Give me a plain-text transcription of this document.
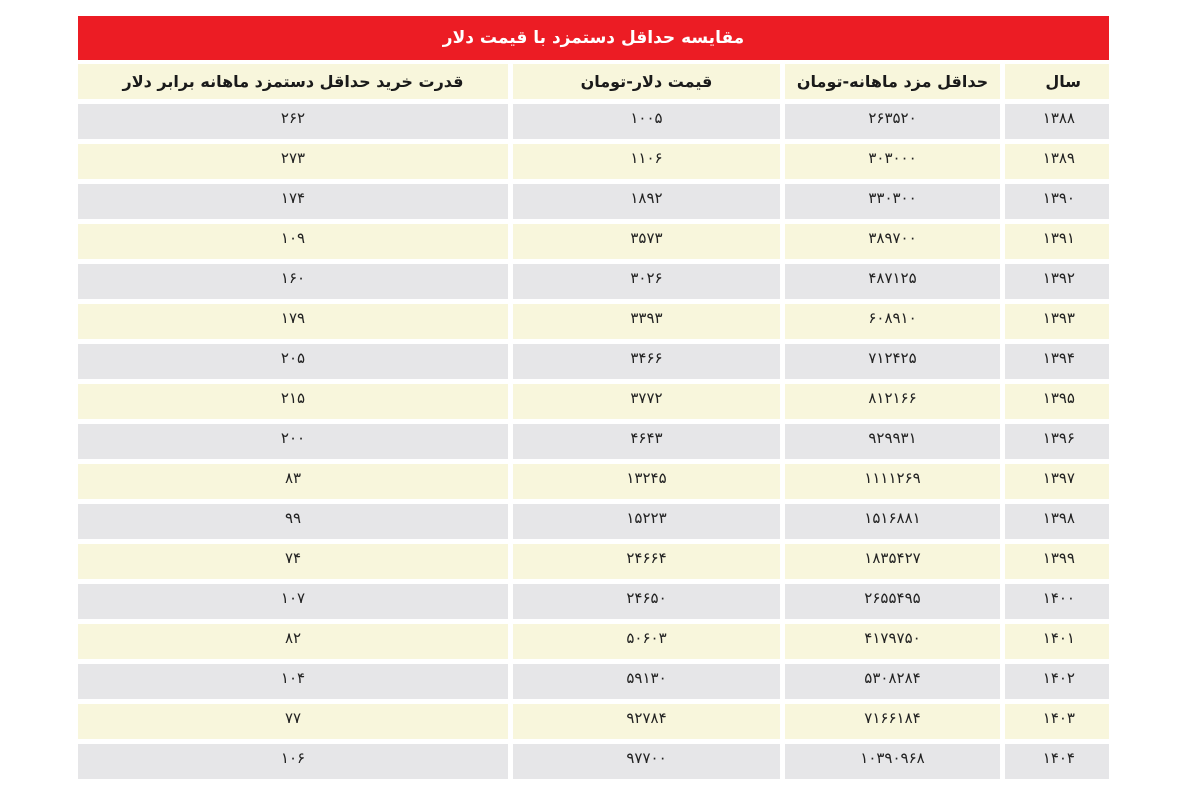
مقایسه حداقل دستمزد با قیمت دلار
سال	حداقل مزد ماهانه-تومان	قیمت دلار-تومان	قدرت خرید حداقل دستمزد ماهانه برابر دلار
۱۳۸۸	۲۶۳۵۲۰	۱۰۰۵	۲۶۲
۱۳۸۹	۳۰۳۰۰۰	۱۱۰۶	۲۷۳
۱۳۹۰	۳۳۰۳۰۰	۱۸۹۲	۱۷۴
۱۳۹۱	۳۸۹۷۰۰	۳۵۷۳	۱۰۹
۱۳۹۲	۴۸۷۱۲۵	۳۰۲۶	۱۶۰
۱۳۹۳	۶۰۸۹۱۰	۳۳۹۳	۱۷۹
۱۳۹۴	۷۱۲۴۲۵	۳۴۶۶	۲۰۵
۱۳۹۵	۸۱۲۱۶۶	۳۷۷۲	۲۱۵
۱۳۹۶	۹۲۹۹۳۱	۴۶۴۳	۲۰۰
۱۳۹۷	۱۱۱۱۲۶۹	۱۳۲۴۵	۸۳
۱۳۹۸	۱۵۱۶۸۸۱	۱۵۲۲۳	۹۹
۱۳۹۹	۱۸۳۵۴۲۷	۲۴۶۶۴	۷۴
۱۴۰۰	۲۶۵۵۴۹۵	۲۴۶۵۰	۱۰۷
۱۴۰۱	۴۱۷۹۷۵۰	۵۰۶۰۳	۸۲
۱۴۰۲	۵۳۰۸۲۸۴	۵۹۱۳۰	۱۰۴
۱۴۰۳	۷۱۶۶۱۸۴	۹۲۷۸۴	۷۷
۱۴۰۴	۱۰۳۹۰۹۶۸	۹۷۷۰۰	۱۰۶
